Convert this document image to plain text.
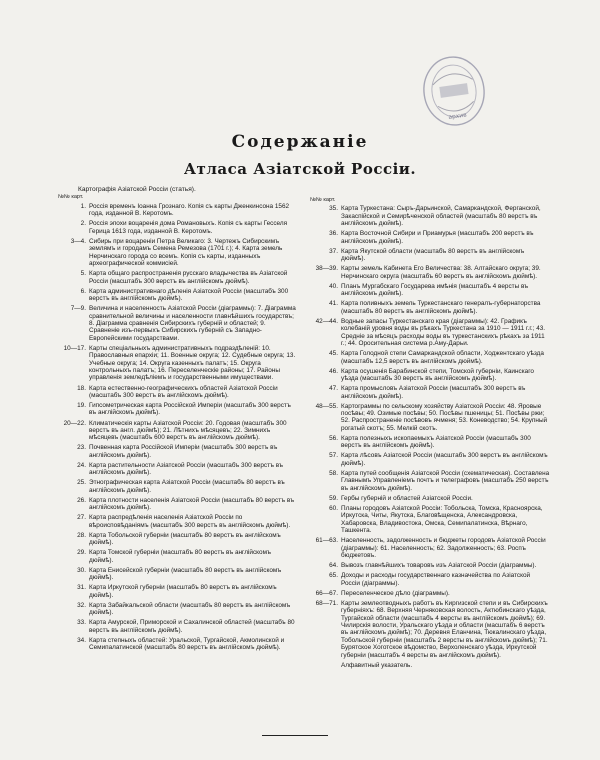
архив
Содержаніе
Атласа Азіатской Россіи.
Картографія Азіатской Россіи (статья).
№№ карт.
1. Россія временъ Іоанна Грознаго. Копія съ карты Дженкинсона 1562 года, изданной В. Керотомъ.
2. Россія эпохи воцаренія дома Романовыхъ. Копія съ карты Гесселя Герица 1613 года, изданной В. Керотомъ.
3—4. Сибирь при воцареніи Петра Великаго: 3. Чертежъ Сибирскимъ землямъ и городамъ Семена Ремезова (1701 г.); 4. Карта земель Нерчинскаго города со всемъ. Копія съ карты, изданныхъ археографической коммисіей.
5. Карта общаго распространенія русскаго владычества въ Азіатской Россіи (масштабъ 300 верстъ въ англійскомъ дюймѣ).
6. Карта административнаго дѣленія Азіатской Россіи (масштабъ 300 верстъ въ англійскомъ дюймѣ).
7—9. Величина и населенность Азіатской Россіи (діаграммы): 7. Діаграмма сравнительной величины и населенности главнѣйшихъ государствъ; 8. Діаграмма сравненія Сибирскихъ губерній и областей; 9. Сравненіе изъ-первыхъ Сибирскихъ губерній съ Западно-Европейскими государствами.
10—17. Карты спеціальныхъ административныхъ подраздѣленій: 10. Православныя епархіи; 11. Военные округа; 12. Судебные округа; 13. Учебные округа; 14. Округа казенныхъ палатъ; 15. Округа контрольныхъ палатъ; 16. Переселенческіе районы; 17. Районы управленія земледѣліемъ и государственными имуществами.
18. Карта естественно-географическихъ областей Азіатской Россіи (масштабъ 300 верстъ въ англійскомъ дюймѣ).
19. Гипсометрическая карта Россійской Имперіи (масштабъ 300 верстъ въ англійскомъ дюймѣ).
20—22. Климатическія карты Азіатской Россіи: 20. Годовая (масштабъ 300 верстъ въ англ. дюймѣ); 21. Лѣтнихъ мѣсяцевъ; 22. Зимнихъ мѣсяцевъ (масштабъ 600 верстъ въ англійскомъ дюймѣ).
23. Почвенная карта Россійской Имперіи (масштабъ 300 верстъ въ англійскомъ дюймѣ).
24. Карта растительности Азіатской Россіи (масштабъ 300 верстъ въ англійскомъ дюймѣ).
25. Этнографическая карта Азіатской Россіи (масштабъ 80 верстъ въ англійскомъ дюймѣ).
26. Карта плотности населенія Азіатской Россіи (масштабъ 80 верстъ въ англійскомъ дюймѣ).
27. Карта распредѣленія населенія Азіатской Россіи по вѣроисповѣданіямъ (масштабъ 300 верстъ въ англійскомъ дюймѣ).
28. Карта Тобольской губерніи (масштабъ 80 верстъ въ англійскомъ дюймѣ).
29. Карта Томской губерніи (масштабъ 80 верстъ въ англійскомъ дюймѣ).
30. Карта Енисейской губерніи (масштабъ 80 верстъ въ англійскомъ дюймѣ).
31. Карта Иркутской губерніи (масштабъ 80 верстъ въ англійскомъ дюймѣ).
32. Карта Забайкальской области (масштабъ 80 верстъ въ англійскомъ дюймѣ).
33. Карта Амурской, Приморской и Сахалинской областей (масштабъ 80 верстъ въ англійскомъ дюймѣ).
34. Карта степныхъ областей: Уральской, Тургайской, Акмолинской и Семипалатинской (масштабъ 80 верстъ въ англійскомъ дюймѣ).
№№ карт.
35. Карта Туркестана: Сыръ-Дарьинской, Самаркандской, Ферганской, Закаспійской и Семирѣченской областей (масштабъ 80 верстъ въ англійскомъ дюймѣ).
36. Карта Восточной Сибири и Приамурья (масштабъ 200 верстъ въ англійскомъ дюймѣ).
37. Карта Якутской области (масштабъ 80 верстъ въ англійскомъ дюймѣ).
38—39. Карты земель Кабинета Его Величества: 38. Алтайскаго округа; 39. Нерчинскаго округа (масштабъ 60 верстъ въ англійскомъ дюймѣ).
40. Планъ Мургабскаго Государева имѣнія (масштабъ 4 версты въ англійскомъ дюймѣ).
41. Карта поливныхъ земель Туркестанскаго генералъ-губернаторства (масштабъ 80 верстъ въ англійскомъ дюймѣ).
42—44. Водные запасы Туркестанскаго края (діаграммы): 42. Графикъ колебаній уровня воды въ рѣкахъ Туркестана за 1910 — 1911 г.г.; 43. Средніе за мѣсяцъ расходы воды въ туркестанскихъ рѣкахъ за 1911 г.; 44. Оросительная система р.Аму-Дарьи.
45. Карта Голодной степи Самаркандской области, Ходжентскаго уѣзда (масштабъ 12,5 верстъ въ англійскомъ дюймѣ).
46. Карта осушенія Барабинской степи, Томской губерніи, Каинскаго уѣзда (масштабъ 30 верстъ въ англійскомъ дюймѣ).
47. Карта промысловъ Азіатской Россіи (масштабъ 300 верстъ въ англійскомъ дюймѣ).
48—55. Картограммы по сельскому хозяйству Азіатской Россіи: 48. Яровые посѣвы; 49. Озимые посѣвы; 50. Посѣвы пшеницы; 51. Посѣвы ржи; 52. Распространеніе посѣвовъ ячменя; 53. Коневодство; 54. Крупный рогатый скотъ; 55. Мелкій скотъ.
56. Карта полезныхъ ископаемыхъ Азіатской Россіи (масштабъ 300 верстъ въ англійскомъ дюймѣ).
57. Карта лѣсовъ Азіатской Россіи (масштабъ 300 верстъ въ англійскомъ дюймѣ).
58. Карта путей сообщенія Азіатской Россіи (схематическая). Составлена Главнымъ Управленіемъ почтъ и телеграфовъ (масштабъ 250 верстъ въ англійскомъ дюймѣ).
59. Гербы губерній и областей Азіатской Россіи.
60. Планы городовъ Азіатской Россіи: Тобольска, Томска, Красноярска, Иркутска, Читы, Якутска, Благовѣщенска, Александровска, Хабаровска, Владивостока, Омска, Семипалатинска, Вѣрнаго, Ташкента.
61—63. Населенность, задолженность и бюджеты городовъ Азіатской Россіи (діаграммы): 61. Населенность; 62. Задолженность; 63. Роспъ бюджетовъ.
64. Вывозъ главнѣйшихъ товаровъ изъ Азіатской Россіи (діаграммы).
65. Доходы и расходы государственнаго казначейства по Азіатской Россіи (діаграммы).
66—67. Переселенческое дѣло (діаграммы).
68—71. Карты землеотводныхъ работъ въ Киргизской степи и въ Сибирскихъ губерніяхъ: 68. Верхняя Черняковская волость, Актюбинскаго уѣзда, Тургайской области (масштабъ 4 версты въ англійскомъ дюймѣ); 69. Чилирскія волости, Уральскаго уѣзда и области (масштабъ 6 верстъ въ англійскомъ дюймѣ); 70. Деревня Еланчина, Тюкалинскаго уѣзда, Тобольской губерніи (масштабъ 2 версты въ англійскомъ дюймѣ); 71. Бурятское Хоготское вѣдомство, Верхоленскаго уѣзда, Иркутской губерніи (масштабъ 4 версты въ англійскомъ дюймѣ).
Алфавитный указатель.
